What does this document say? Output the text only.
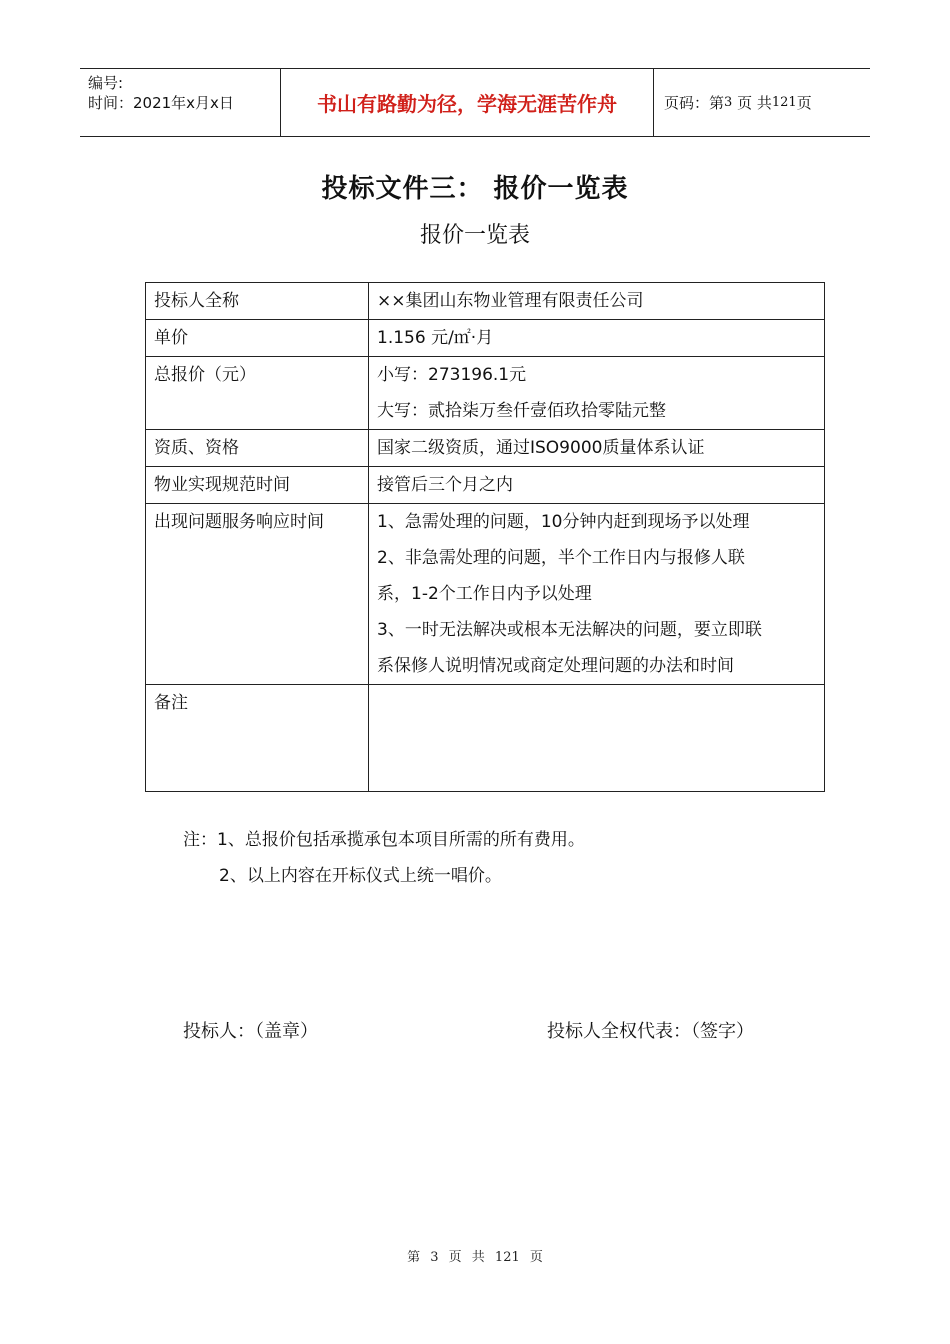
编号:
时间：2021年x月x日	书山有路勤为径，学海无涯苦作舟	页码：第 3
页 共 121 页
投标文件三： 报价一览表
报价一览表
投标人全称	××集团山东物业管理有限责任公司

单价	1.156 元/㎡·月

总报价（元）	小写：273196.1元
大写：贰拾柒万叁仟壹佰玖拾零陆元整

资质、资格	国家二级资质，通过ISO9000质量体系认证

物业实现规范时间	接管后三个月之内

出现问题服务响应时间	1、急需处理的问题，10分钟内赶到现场予以处理
2、非急需处理的问题，半个工作日内与报修人联
系，1-2个工作日内予以处理
3、一时无法解决或根本无法解决的问题，要立即联
系保修人说明情况或商定处理问题的办法和时间

备注	
注：1、总报价包括承揽承包本项目所需的所有费用。
2、以上内容在开标仪式上统一唱价。
投标人：（盖章）	投标人全权代表：（签字）
第 3 页 共 121 页
